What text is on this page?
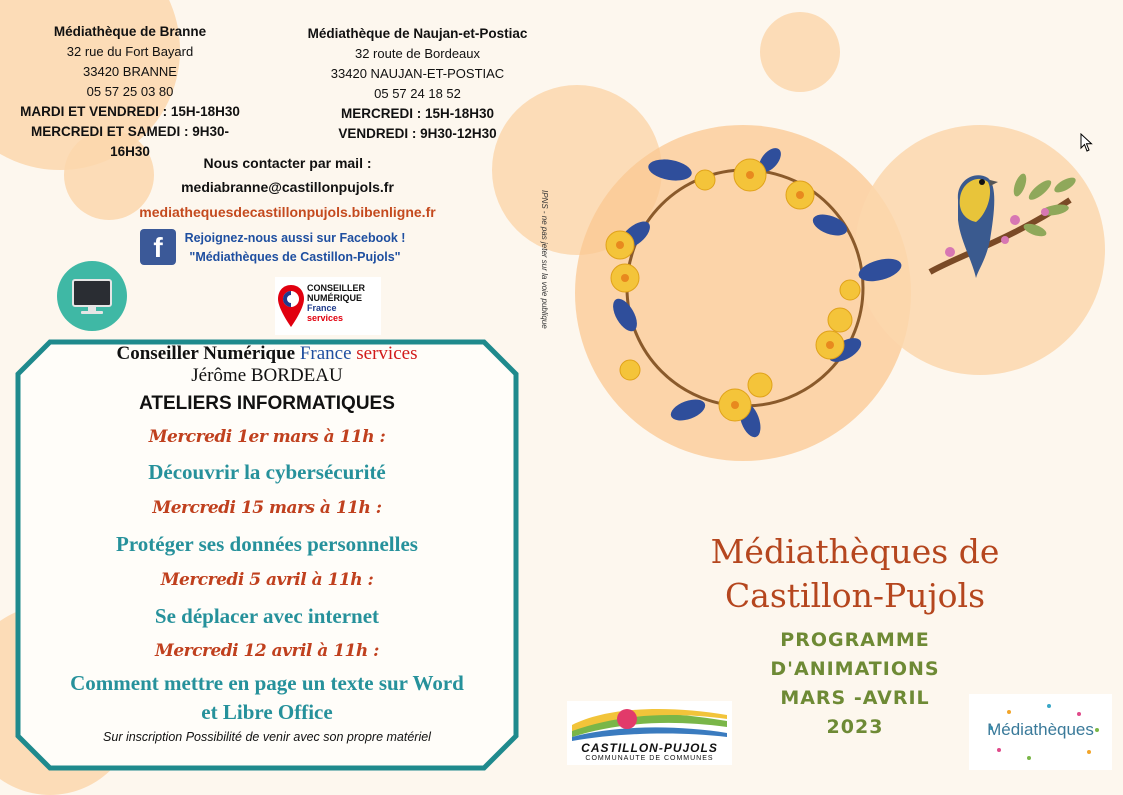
Médiathèque de Branne
32 rue du Fort Bayard
33420 BRANNE
05 57 25 03 80
MARDI ET VENDREDI : 15H-18H30
MERCREDI ET SAMEDI : 9H30-16H30
Médiathèque de Naujan-et-Postiac
32 route de Bordeaux
33420 NAUJAN-ET-POSTIAC
05 57 24 18 52
MERCREDI : 15H-18H30
VENDREDI : 9H30-12H30
Nous contacter par mail :
mediabranne@castillonpujols.fr
mediathequesdecastillonpujols.bibenligne.fr
f	Rejoignez-nous aussi sur Facebook !
"Médiathèques de Castillon-Pujols"
CONSEILLER
NUMÉRIQUE
France
services
Conseiller Numérique France services
Jérôme BORDEAU
ATELIERS INFORMATIQUES
Mercredi 1er mars à 11h :
Découvrir la cybersécurité
Mercredi 15 mars à 11h :
Protéger ses données personnelles
Mercredi 5 avril à 11h :
Se déplacer avec internet
Mercredi 12 avril à 11h :
Comment mettre en page un texte sur Word et Libre Office
Sur inscription Possibilité de venir avec son propre matériel
IPNS - ne pas jeter sur la voie publique
Médiathèques de
Castillon-Pujols
PROGRAMME
D'ANIMATIONS
MARS -AVRIL
2023
CASTILLON-PUJOLS
COMMUNAUTE DE COMMUNES
Médiathèques
